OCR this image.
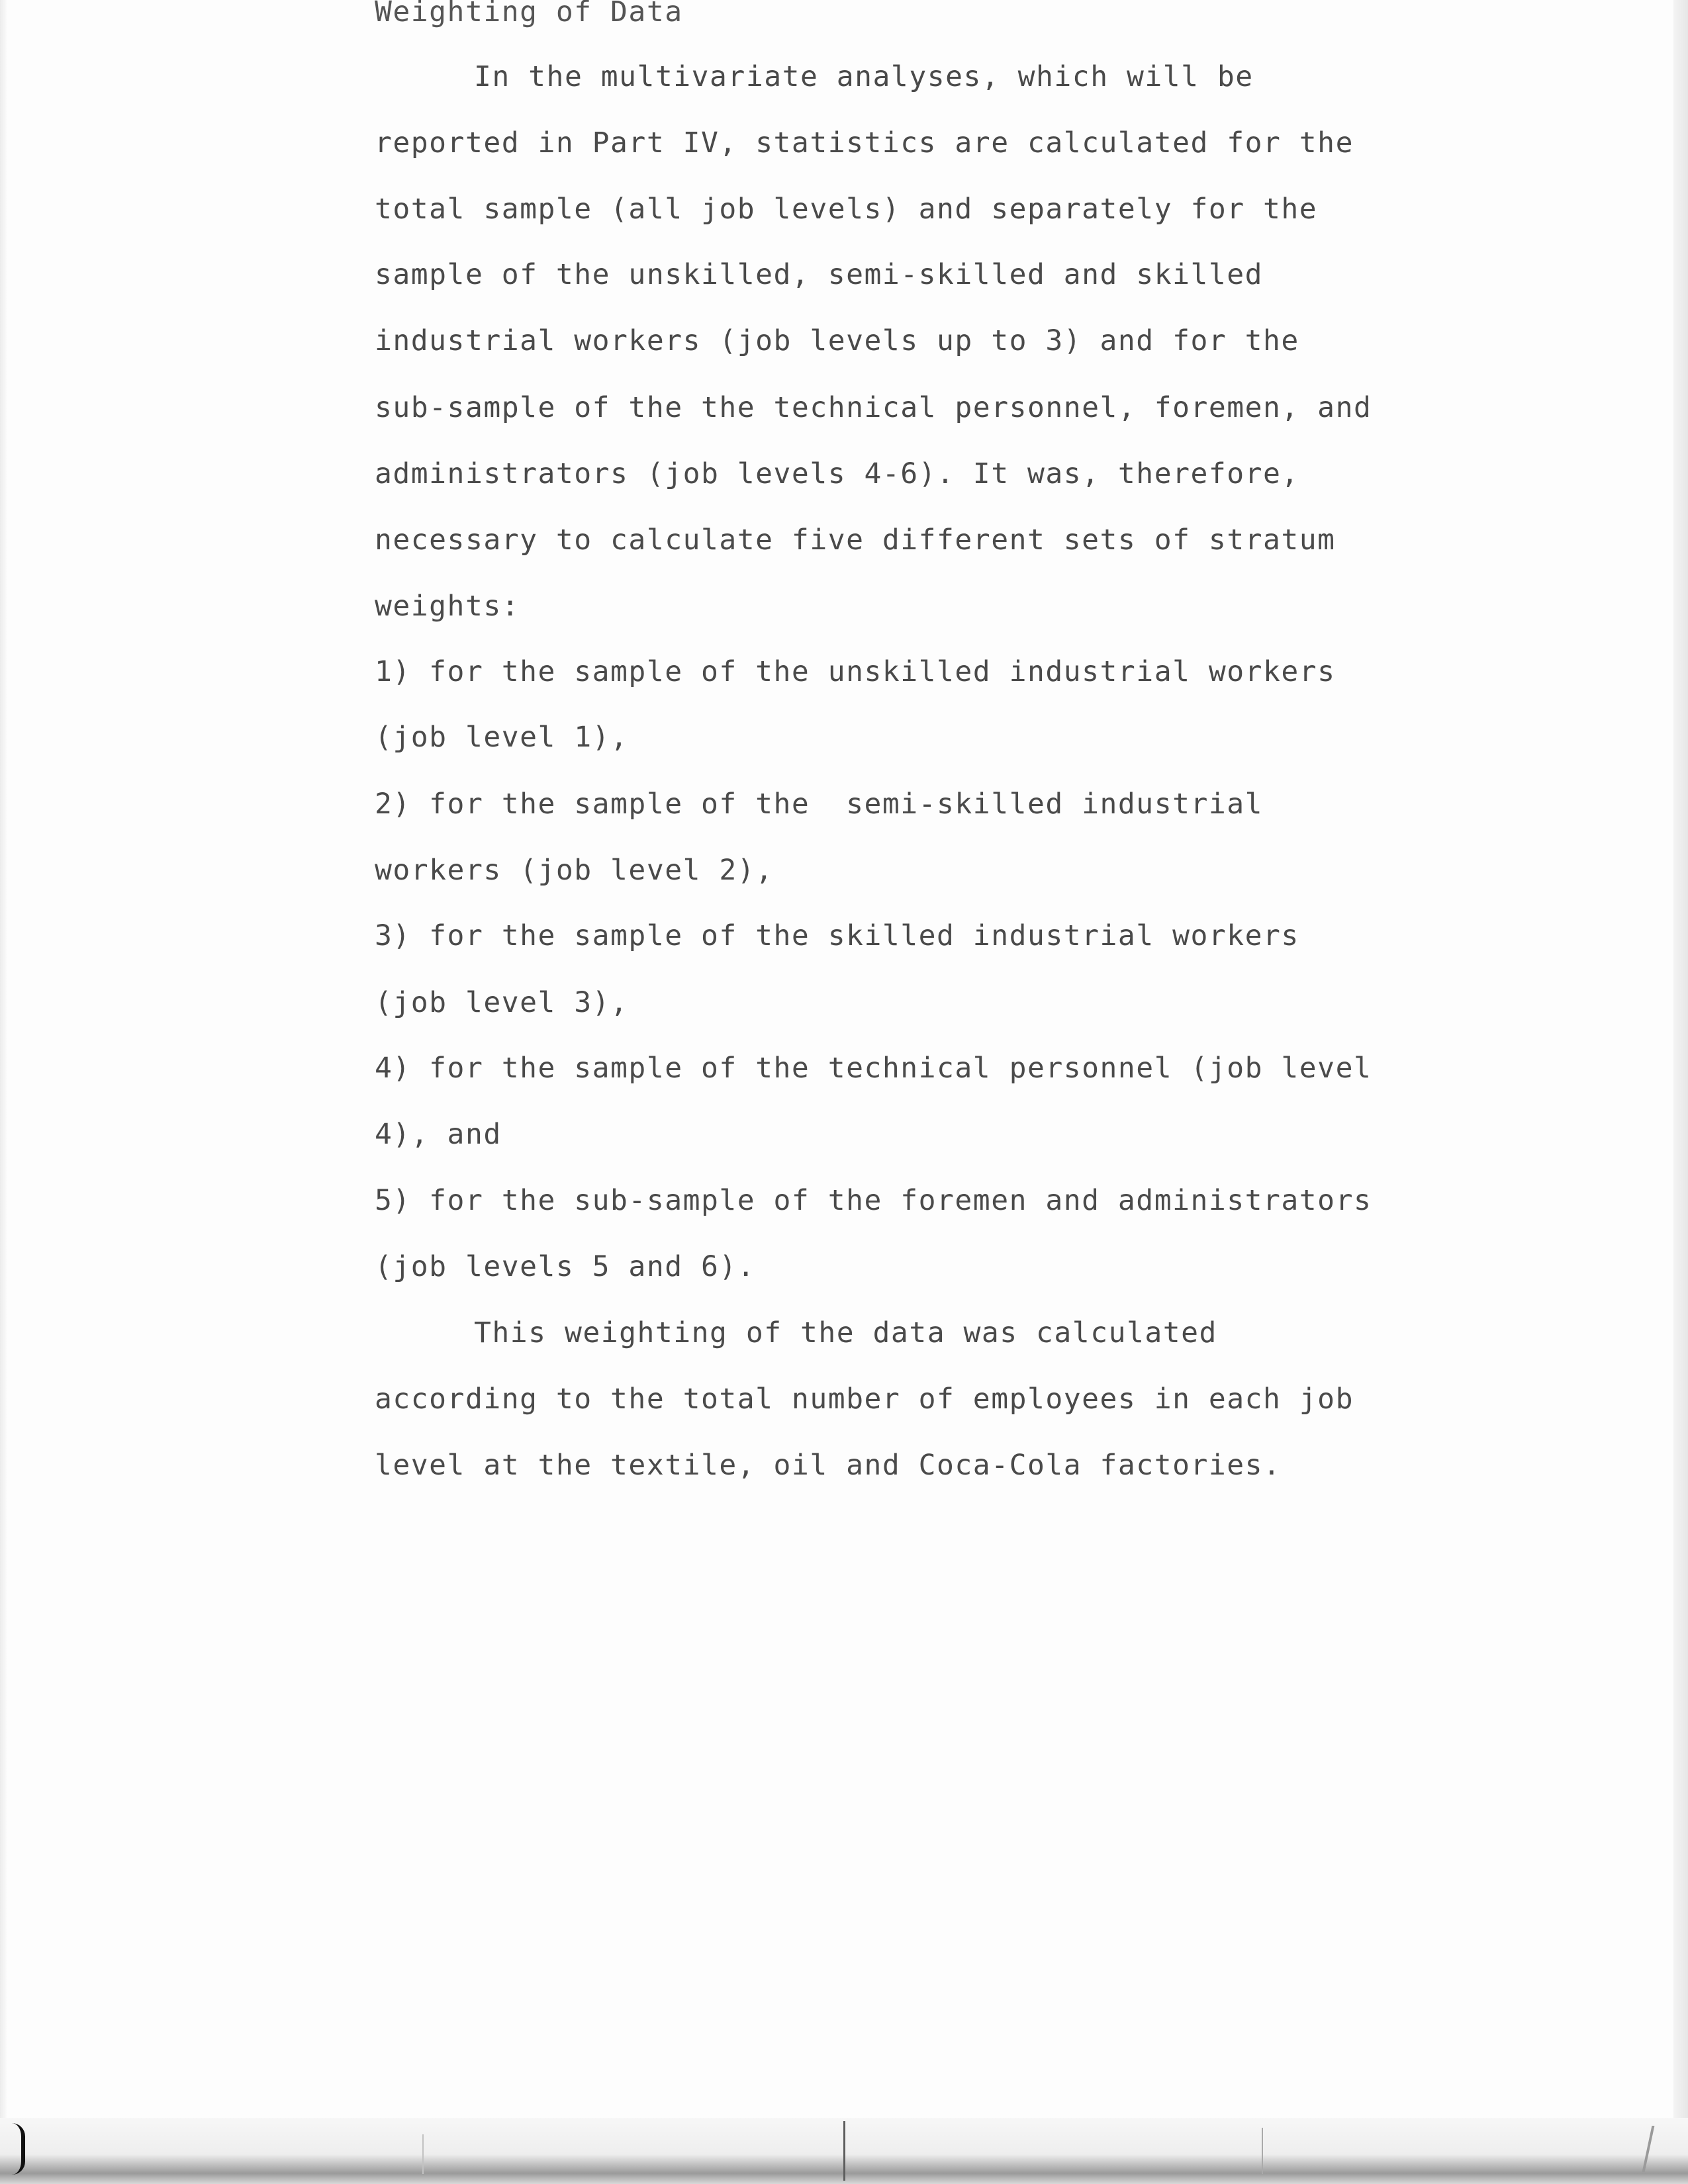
Weighting of Data

In the multivariate analyses, which will be

reported in Part IV, statistics are calculated for the

total sample (all job levels) and separately for the

sample of the unskilled, semi-skilled and skilled

industrial workers (job levels up to 3) and for the

sub-sample of the the technical personnel, foremen, and

administrators (job levels 4-6). It was, therefore,

necessary to calculate five different sets of stratum

weights:

1) for the sample of the unskilled industrial workers

(job level 1),

2) for the sample of the  semi-skilled industrial

workers (job level 2),

3) for the sample of the skilled industrial workers

(job level 3),

4) for the sample of the technical personnel (job level

4), and

5) for the sub-sample of the foremen and administrators

(job levels 5 and 6).

This weighting of the data was calculated

according to the total number of employees in each job

level at the textile, oil and Coca-Cola factories.
